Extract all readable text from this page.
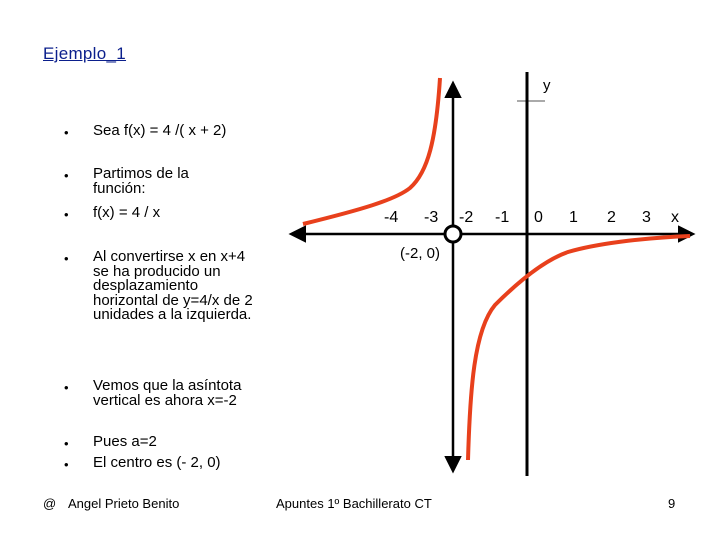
Ejemplo_1
• Sea f(x) = 4 /( x + 2)
• Partimos de la función:
• f(x) = 4 / x
• Al convertirse x en x+4 se ha producido un desplazamiento horizontal de y=4/x de 2 unidades a la izquierda.
• Vemos que la asíntota vertical es ahora x=-2
• Pues a=2
• El centro es (- 2, 0)
y
x
-4 -3 -2 -1 0 1 2 3
(-2, 0)
@ Angel Prieto Benito	Apuntes 1º Bachillerato CT	9
